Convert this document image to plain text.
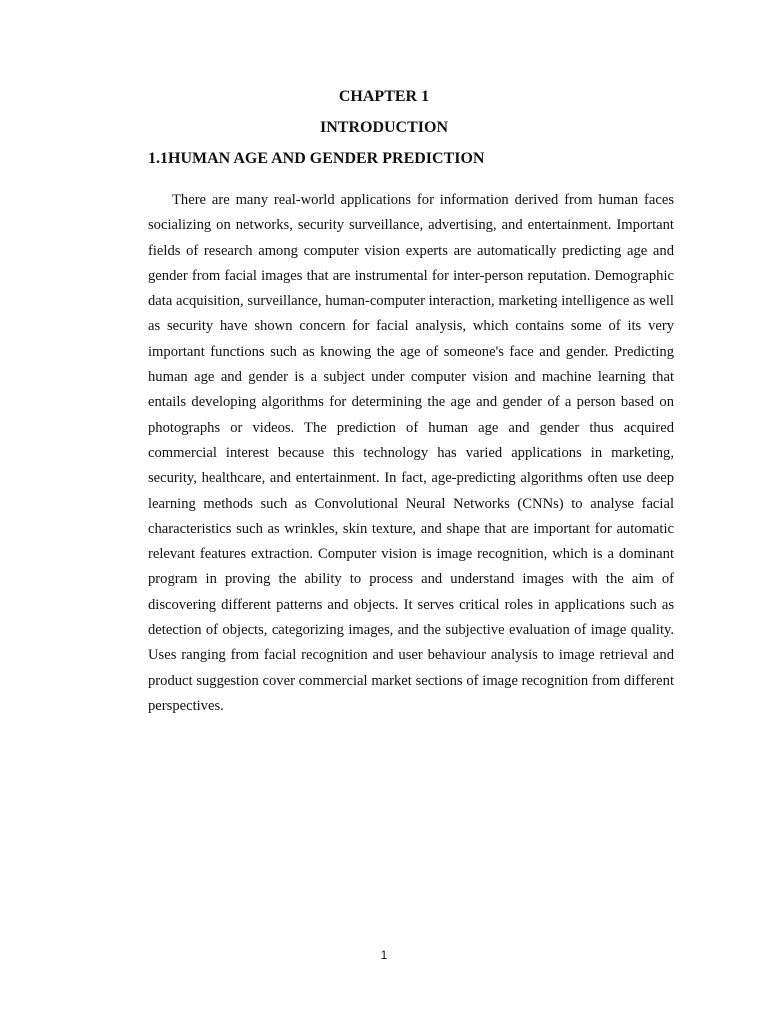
CHAPTER 1
INTRODUCTION
1.1HUMAN AGE AND GENDER PREDICTION

There are many real-world applications for information derived from human faces socializing on networks, security surveillance, advertising, and entertainment. Important fields of research among computer vision experts are automatically predicting age and gender from facial images that are instrumental for inter-person reputation. Demographic data acquisition, surveillance, human-computer interaction, marketing intelligence as well as security have shown concern for facial analysis, which contains some of its very important functions such as knowing the age of someone's face and gender. Predicting human age and gender is a subject under computer vision and machine learning that entails developing algorithms for determining the age and gender of a person based on photographs or videos. The prediction of human age and gender thus acquired commercial interest because this technology has varied applications in marketing, security, healthcare, and entertainment. In fact, age-predicting algorithms often use deep learning methods such as Convolutional Neural Networks (CNNs) to analyse facial characteristics such as wrinkles, skin texture, and shape that are important for automatic relevant features extraction. Computer vision is image recognition, which is a dominant program in proving the ability to process and understand images with the aim of discovering different patterns and objects. It serves critical roles in applications such as detection of objects, categorizing images, and the subjective evaluation of image quality. Uses ranging from facial recognition and user behaviour analysis to image retrieval and product suggestion cover commercial market sections of image recognition from different perspectives.

1
